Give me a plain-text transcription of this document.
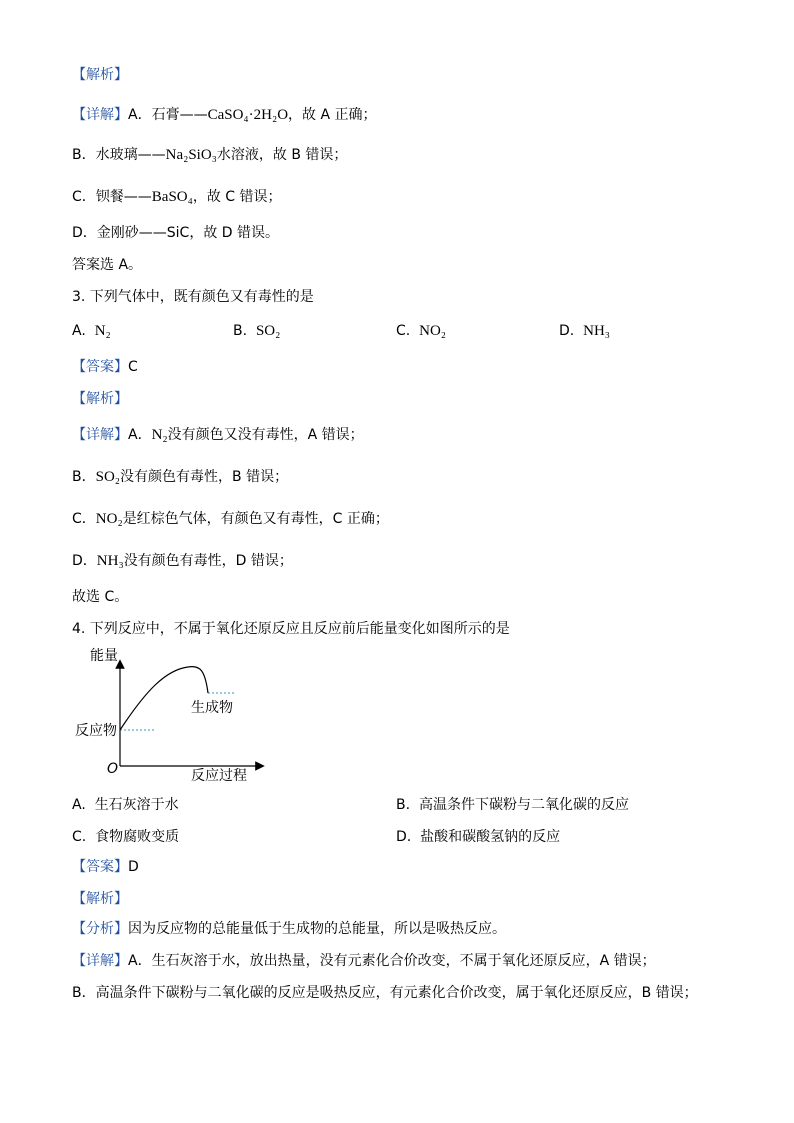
【解析】
【详解】A．石膏——CaSO₄·2H₂O，故 A 正确；
B．水玻璃——Na₂SiO₃水溶液，故 B 错误；
C．钡餐——BaSO₄，故 C 错误；
D．金刚砂——SiC，故 D 错误。
答案选 A。
3. 下列气体中，既有颜色又有毒性的是
A. N₂	B. SO₂	C. NO₂	D. NH₃
【答案】C
【解析】
【详解】A．N₂没有颜色又没有毒性，A 错误；
B．SO₂没有颜色有毒性，B 错误；
C．NO₂是红棕色气体，有颜色又有毒性，C 正确；
D．NH₃没有颜色有毒性，D 错误；
故选 C。
4. 下列反应中，不属于氧化还原反应且反应前后能量变化如图所示的是
能量
O	反应过程
反应物
生成物
A. 生石灰溶于水	B. 高温条件下碳粉与二氧化碳的反应
C. 食物腐败变质	D. 盐酸和碳酸氢钠的反应
【答案】D
【解析】
【分析】因为反应物的总能量低于生成物的总能量，所以是吸热反应。
【详解】A．生石灰溶于水，放出热量，没有元素化合价改变，不属于氧化还原反应，A 错误；
B．高温条件下碳粉与二氧化碳的反应是吸热反应，有元素化合价改变，属于氧化还原反应，B 错误；
